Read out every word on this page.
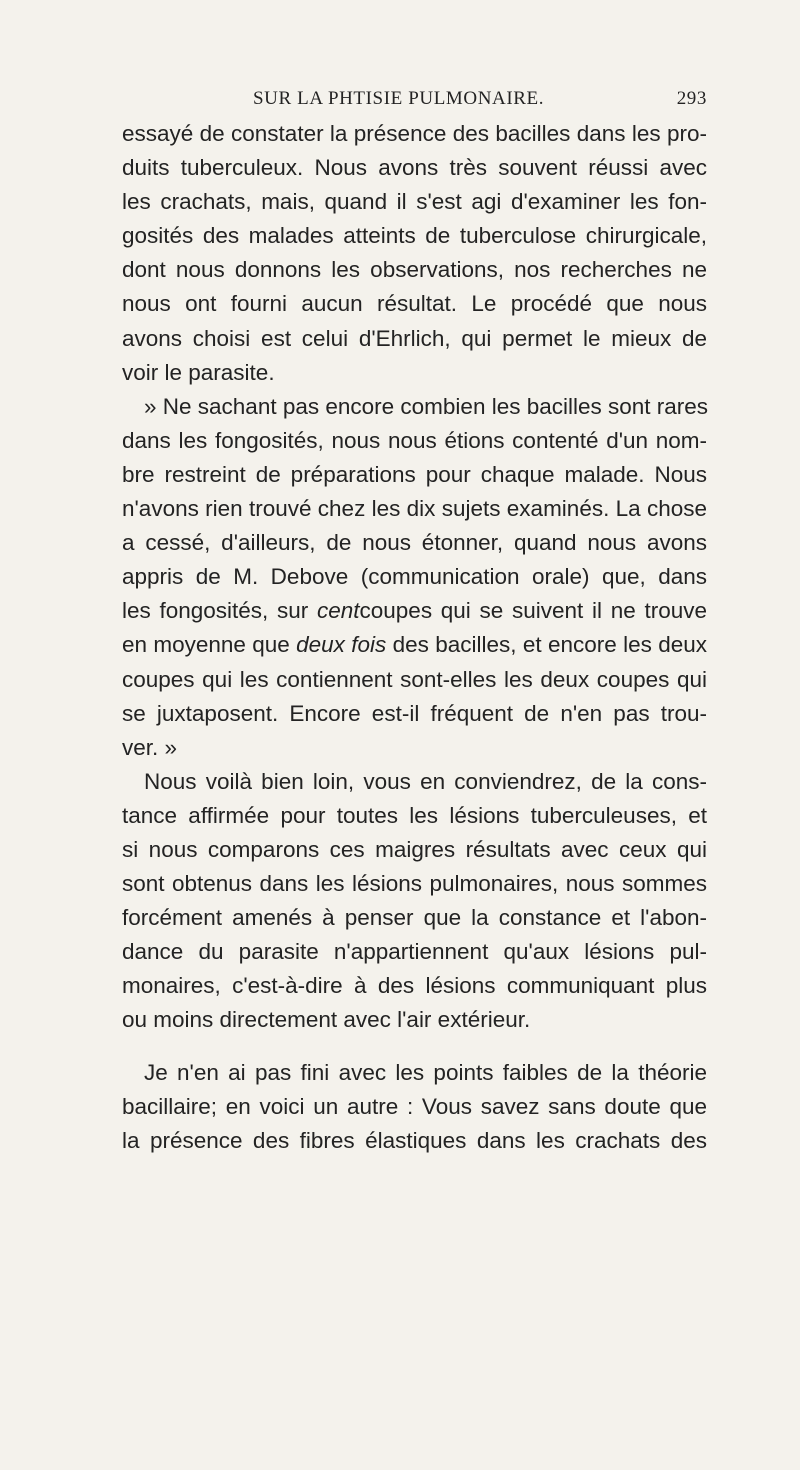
SUR LA PHTISIE PULMONAIRE.	293

essayé de constater la présence des bacilles dans les pro-
duits tuberculeux. Nous avons très souvent réussi avec
les crachats, mais, quand il s'est agi d'examiner les fon-
gosités des malades atteints de tuberculose chirurgicale,
dont nous donnons les observations, nos recherches ne
nous ont fourni aucun résultat. Le procédé que nous
avons choisi est celui d'Ehrlich, qui permet le mieux de
voir le parasite.

» Ne sachant pas encore combien les bacilles sont rares
dans les fongosités, nous nous étions contenté d'un nom-
bre restreint de préparations pour chaque malade. Nous
n'avons rien trouvé chez les dix sujets examinés. La chose
a cessé, d'ailleurs, de nous étonner, quand nous avons
appris de M. Debove (communication orale) que, dans
les fongosités, sur centcoupes qui se suivent il ne trouve
en moyenne que deux fois des bacilles, et encore les deux
coupes qui les contiennent sont-elles les deux coupes qui
se juxtaposent. Encore est-il fréquent de n'en pas trou-
ver. »

Nous voilà bien loin, vous en conviendrez, de la cons-
tance affirmée pour toutes les lésions tuberculeuses, et
si nous comparons ces maigres résultats avec ceux qui
sont obtenus dans les lésions pulmonaires, nous sommes
forcément amenés à penser que la constance et l'abon-
dance du parasite n'appartiennent qu'aux lésions pul-
monaires, c'est-à-dire à des lésions communiquant plus
ou moins directement avec l'air extérieur.

Je n'en ai pas fini avec les points faibles de la théorie
bacillaire; en voici un autre : Vous savez sans doute que
la présence des fibres élastiques dans les crachats des
